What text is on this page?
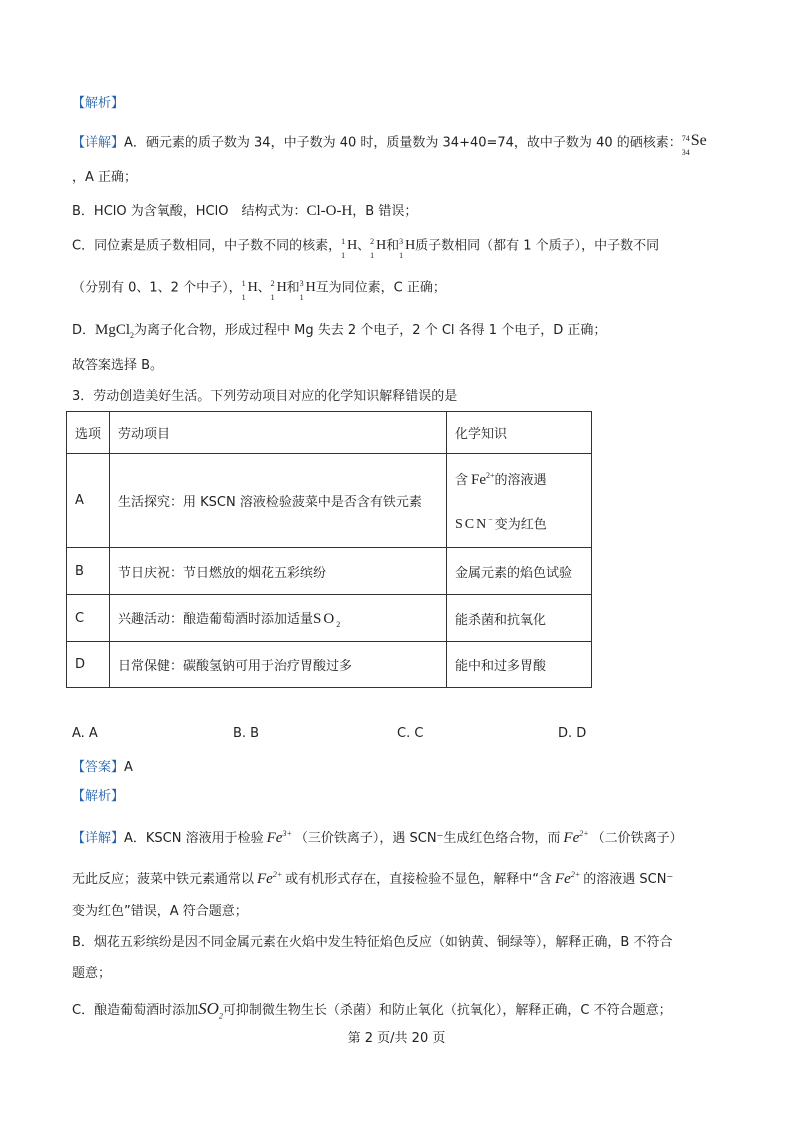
【解析】
【详解】A．硒元素的质子数为 34，中子数为 40 时，质量数为 34+40=74，故中子数为 40 的硒核素： 74
34
Se
，A 正确；
B．HClO 为含氧酸，HClO　结构式为：Cl-O-H，B 错误；
C．同位素是质子数相同，中子数不同的核素， 1
1
H 、 2
1
H 和 3
1
H 质子数相同（都有 1 个质子），中子数不同
（分别有 0、1、2 个中子）， 1
1
H 、 2
1
H 和 3
1
H 互为同位素，C 正确；
D．MgCl$_2$为离子化合物，形成过程中 Mg 失去 2 个电子，2 个 Cl 各得 1 个电子，D 正确；
故答案选择 B。
3．劳动创造美好生活。下列劳动项目对应的化学知识解释错误的是
选项	劳动项目	化学知识
A	生活探究：用 KSCN 溶液检验菠菜中是否含有铁元素	含 $Fe^{2+}$的溶液遇
SCN−变为红色

B	节日庆祝：节日燃放的烟花五彩缤纷	金属元素的焰色试验
C	兴趣活动：酿造葡萄酒时添加适量$SO_2$	能杀菌和抗氧化
D	日常保健：碳酸氢钠可用于治疗胃酸过多	能中和过多胃酸
A. A	B. B	C. C	D. D
【答案】A
【解析】
【详解】A．KSCN 溶液用于检验 $Fe^{3+}$ （三价铁离子），遇 SCN⁻生成红色络合物，而 $Fe^{2+}$ （二价铁离子）
无此反应；菠菜中铁元素通常以 $Fe^{2+}$ 或有机形式存在，直接检验不显色，解释中“含 $Fe^{2+}$ 的溶液遇 SCN⁻
变为红色”错误，A 符合题意；
B．烟花五彩缤纷是因不同金属元素在火焰中发生特征焰色反应（如钠黄、铜绿等），解释正确，B 不符合
题意；
C．酿造葡萄酒时添加$SO_2$可抑制微生物生长（杀菌）和防止氧化（抗氧化），解释正确，C 不符合题意；
第 2 页/共 20 页
